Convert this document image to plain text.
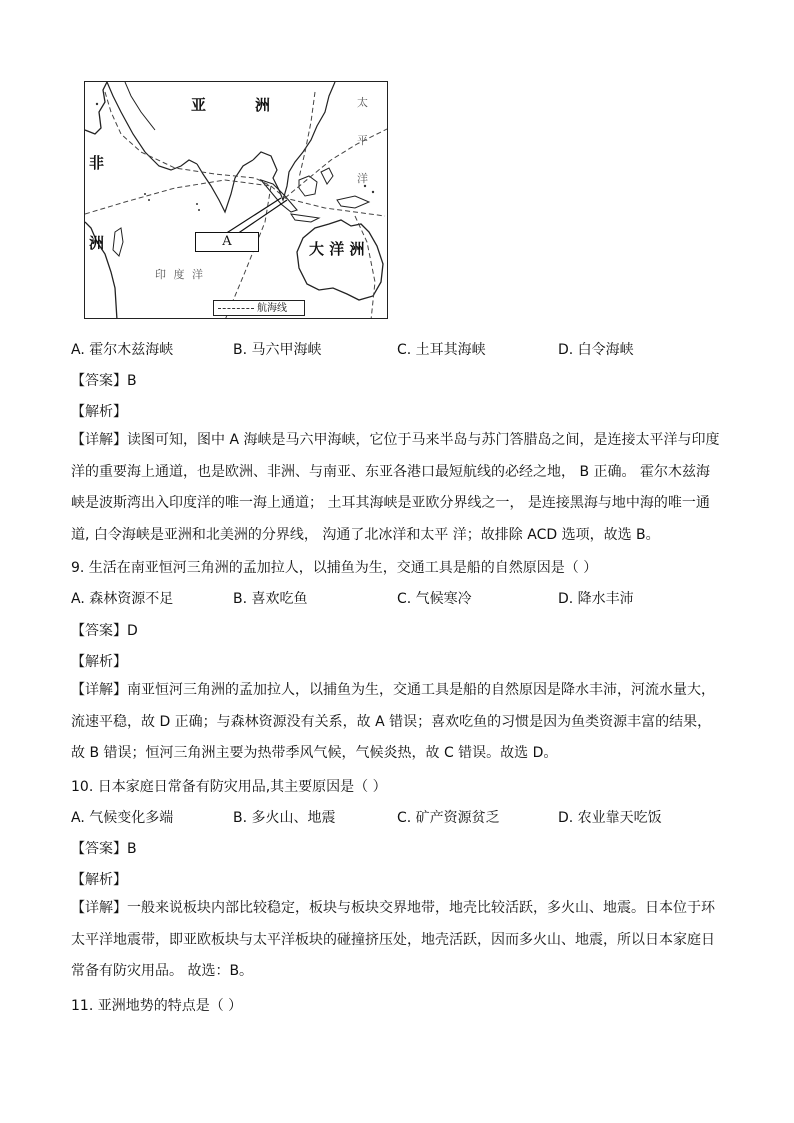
亚	洲
非
洲
太
平
洋
印 度 洋
大 洋 洲
A
航海线
A. 霍尔木兹海峡	B. 马六甲海峡	C. 土耳其海峡	D. 白令海峡
【答案】B
【解析】
【详解】读图可知，图中 A 海峡是马六甲海峡，它位于马来半岛与苏门答腊岛之间，是连接太平洋与印度
洋的重要海上通道，也是欧洲、非洲、与南亚、东亚各港口最短航线的必经之地， B 正确。 霍尔木兹海
峡是波斯湾出入印度洋的唯一海上通道； 土耳其海峡是亚欧分界线之一， 是连接黑海与地中海的唯一通
道, 白令海峡是亚洲和北美洲的分界线， 沟通了北冰洋和太平 洋；故排除 ACD 选项，故选 B。
9. 生活在南亚恒河三角洲的孟加拉人，以捕鱼为生，交通工具是船的自然原因是（ ）
A. 森林资源不足	B. 喜欢吃鱼	C. 气候寒冷	D. 降水丰沛
【答案】D
【解析】
【详解】南亚恒河三角洲的孟加拉人，以捕鱼为生，交通工具是船的自然原因是降水丰沛，河流水量大，
流速平稳，故 D 正确；与森林资源没有关系，故 A 错误；喜欢吃鱼的习惯是因为鱼类资源丰富的结果，
故 B 错误；恒河三角洲主要为热带季风气候，气候炎热，故 C 错误。故选 D。
10. 日本家庭日常备有防灾用品,其主要原因是（ ）
A. 气候变化多端	B. 多火山、地震	C. 矿产资源贫乏	D. 农业靠天吃饭
【答案】B
【解析】
【详解】一般来说板块内部比较稳定，板块与板块交界地带，地壳比较活跃，多火山、地震。日本位于环
太平洋地震带，即亚欧板块与太平洋板块的碰撞挤压处，地壳活跃，因而多火山、地震，所以日本家庭日
常备有防灾用品。 故选：B。
11. 亚洲地势的特点是（ ）
